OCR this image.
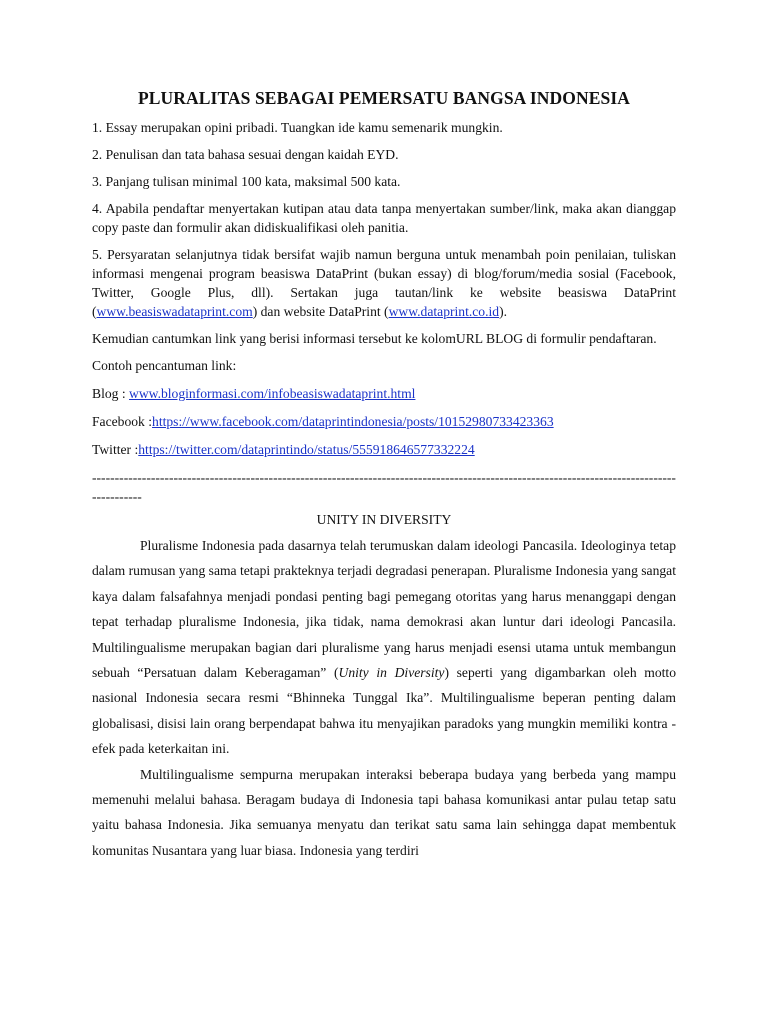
PLURALITAS SEBAGAI PEMERSATU BANGSA INDONESIA

1. Essay merupakan opini pribadi. Tuangkan ide kamu semenarik mungkin.

2. Penulisan dan tata bahasa sesuai dengan kaidah EYD.

3. Panjang tulisan minimal 100 kata, maksimal 500 kata.

4. Apabila pendaftar menyertakan kutipan atau data tanpa menyertakan sumber/link, maka akan dianggap copy paste dan formulir akan didiskualifikasi oleh panitia.

5. Persyaratan selanjutnya tidak bersifat wajib namun berguna untuk menambah poin penilaian, tuliskan informasi mengenai program beasiswa DataPrint (bukan essay) di blog/forum/media sosial (Facebook, Twitter, Google Plus, dll). Sertakan juga tautan/link ke website beasiswa DataPrint (www.beasiswadataprint.com) dan website DataPrint (www.dataprint.co.id).

Kemudian cantumkan link yang berisi informasi tersebut ke kolomURL BLOG di formulir pendaftaran.

Contoh pencantuman link:

Blog : www.bloginformasi.com/infobeasiswadataprint.html

Facebook :https://www.facebook.com/dataprintindonesia/posts/10152980733423363

Twitter :https://twitter.com/dataprintindo/status/555918646577332224

--------------------------------------------------------------------------------------------------------------------------------------------
UNITY IN DIVERSITY

Pluralisme Indonesia pada dasarnya telah terumuskan dalam ideologi Pancasila. Ideologinya tetap dalam rumusan yang sama tetapi prakteknya terjadi degradasi penerapan. Pluralisme Indonesia yang sangat kaya dalam falsafahnya menjadi pondasi penting bagi pemegang otoritas yang harus menanggapi dengan tepat terhadap pluralisme Indonesia, jika tidak, nama demokrasi akan luntur dari ideologi Pancasila. Multilingualisme merupakan bagian dari pluralisme yang harus menjadi esensi utama untuk membangun sebuah “Persatuan dalam Keberagaman” (Unity in Diversity) seperti yang digambarkan oleh motto nasional Indonesia secara resmi “Bhinneka Tunggal Ika”. Multilingualisme beperan penting dalam globalisasi, disisi lain orang berpendapat bahwa itu menyajikan paradoks yang mungkin memiliki kontra - efek pada keterkaitan ini.

Multilingualisme sempurna merupakan interaksi beberapa budaya yang berbeda yang mampu memenuhi melalui bahasa. Beragam budaya di Indonesia tapi bahasa komunikasi antar pulau tetap satu yaitu bahasa Indonesia. Jika semuanya menyatu dan terikat satu sama lain sehingga dapat membentuk komunitas Nusantara yang luar biasa. Indonesia yang terdiri
